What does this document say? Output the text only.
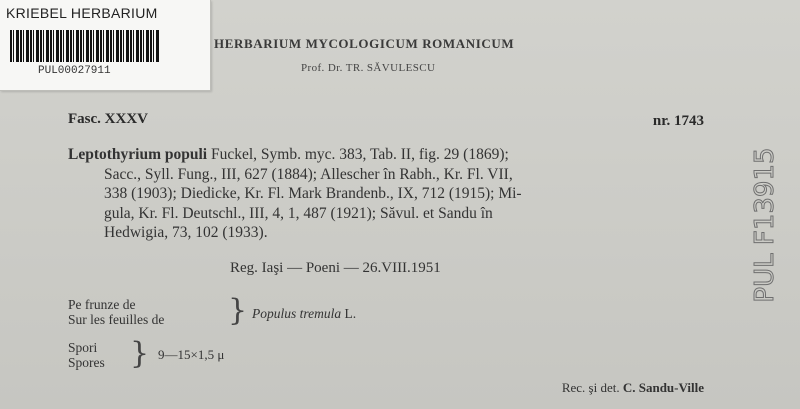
KRIEBEL HERBARIUM
PUL00027911
HERBARIUM MYCOLOGICUM ROMANICUM
Prof. Dr. TR. SĂVULESCU
Fasc. XXXV	nr. 1743
Leptothyrium populi Fuckel, Symb. myc. 383, Tab. II, fig. 29 (1869);
Sacc., Syll. Fung., III, 627 (1884); Allescher în Rabh., Kr. Fl. VII,
338 (1903); Diedicke, Kr. Fl. Mark Brandenb., IX, 712 (1915); Mi-
gula, Kr. Fl. Deutschl., III, 4, 1, 487 (1921); Săvul. et Sandu în
Hedwigia, 73, 102 (1933).
Reg. Iaşi — Poeni — 26.VIII.1951
Pe frunze de
Sur les feuilles de } Populus tremula L.
Spori
Spores } 9—15×1,5 μ
Rec. şi det. C. Sandu-Ville
PUL F13915
